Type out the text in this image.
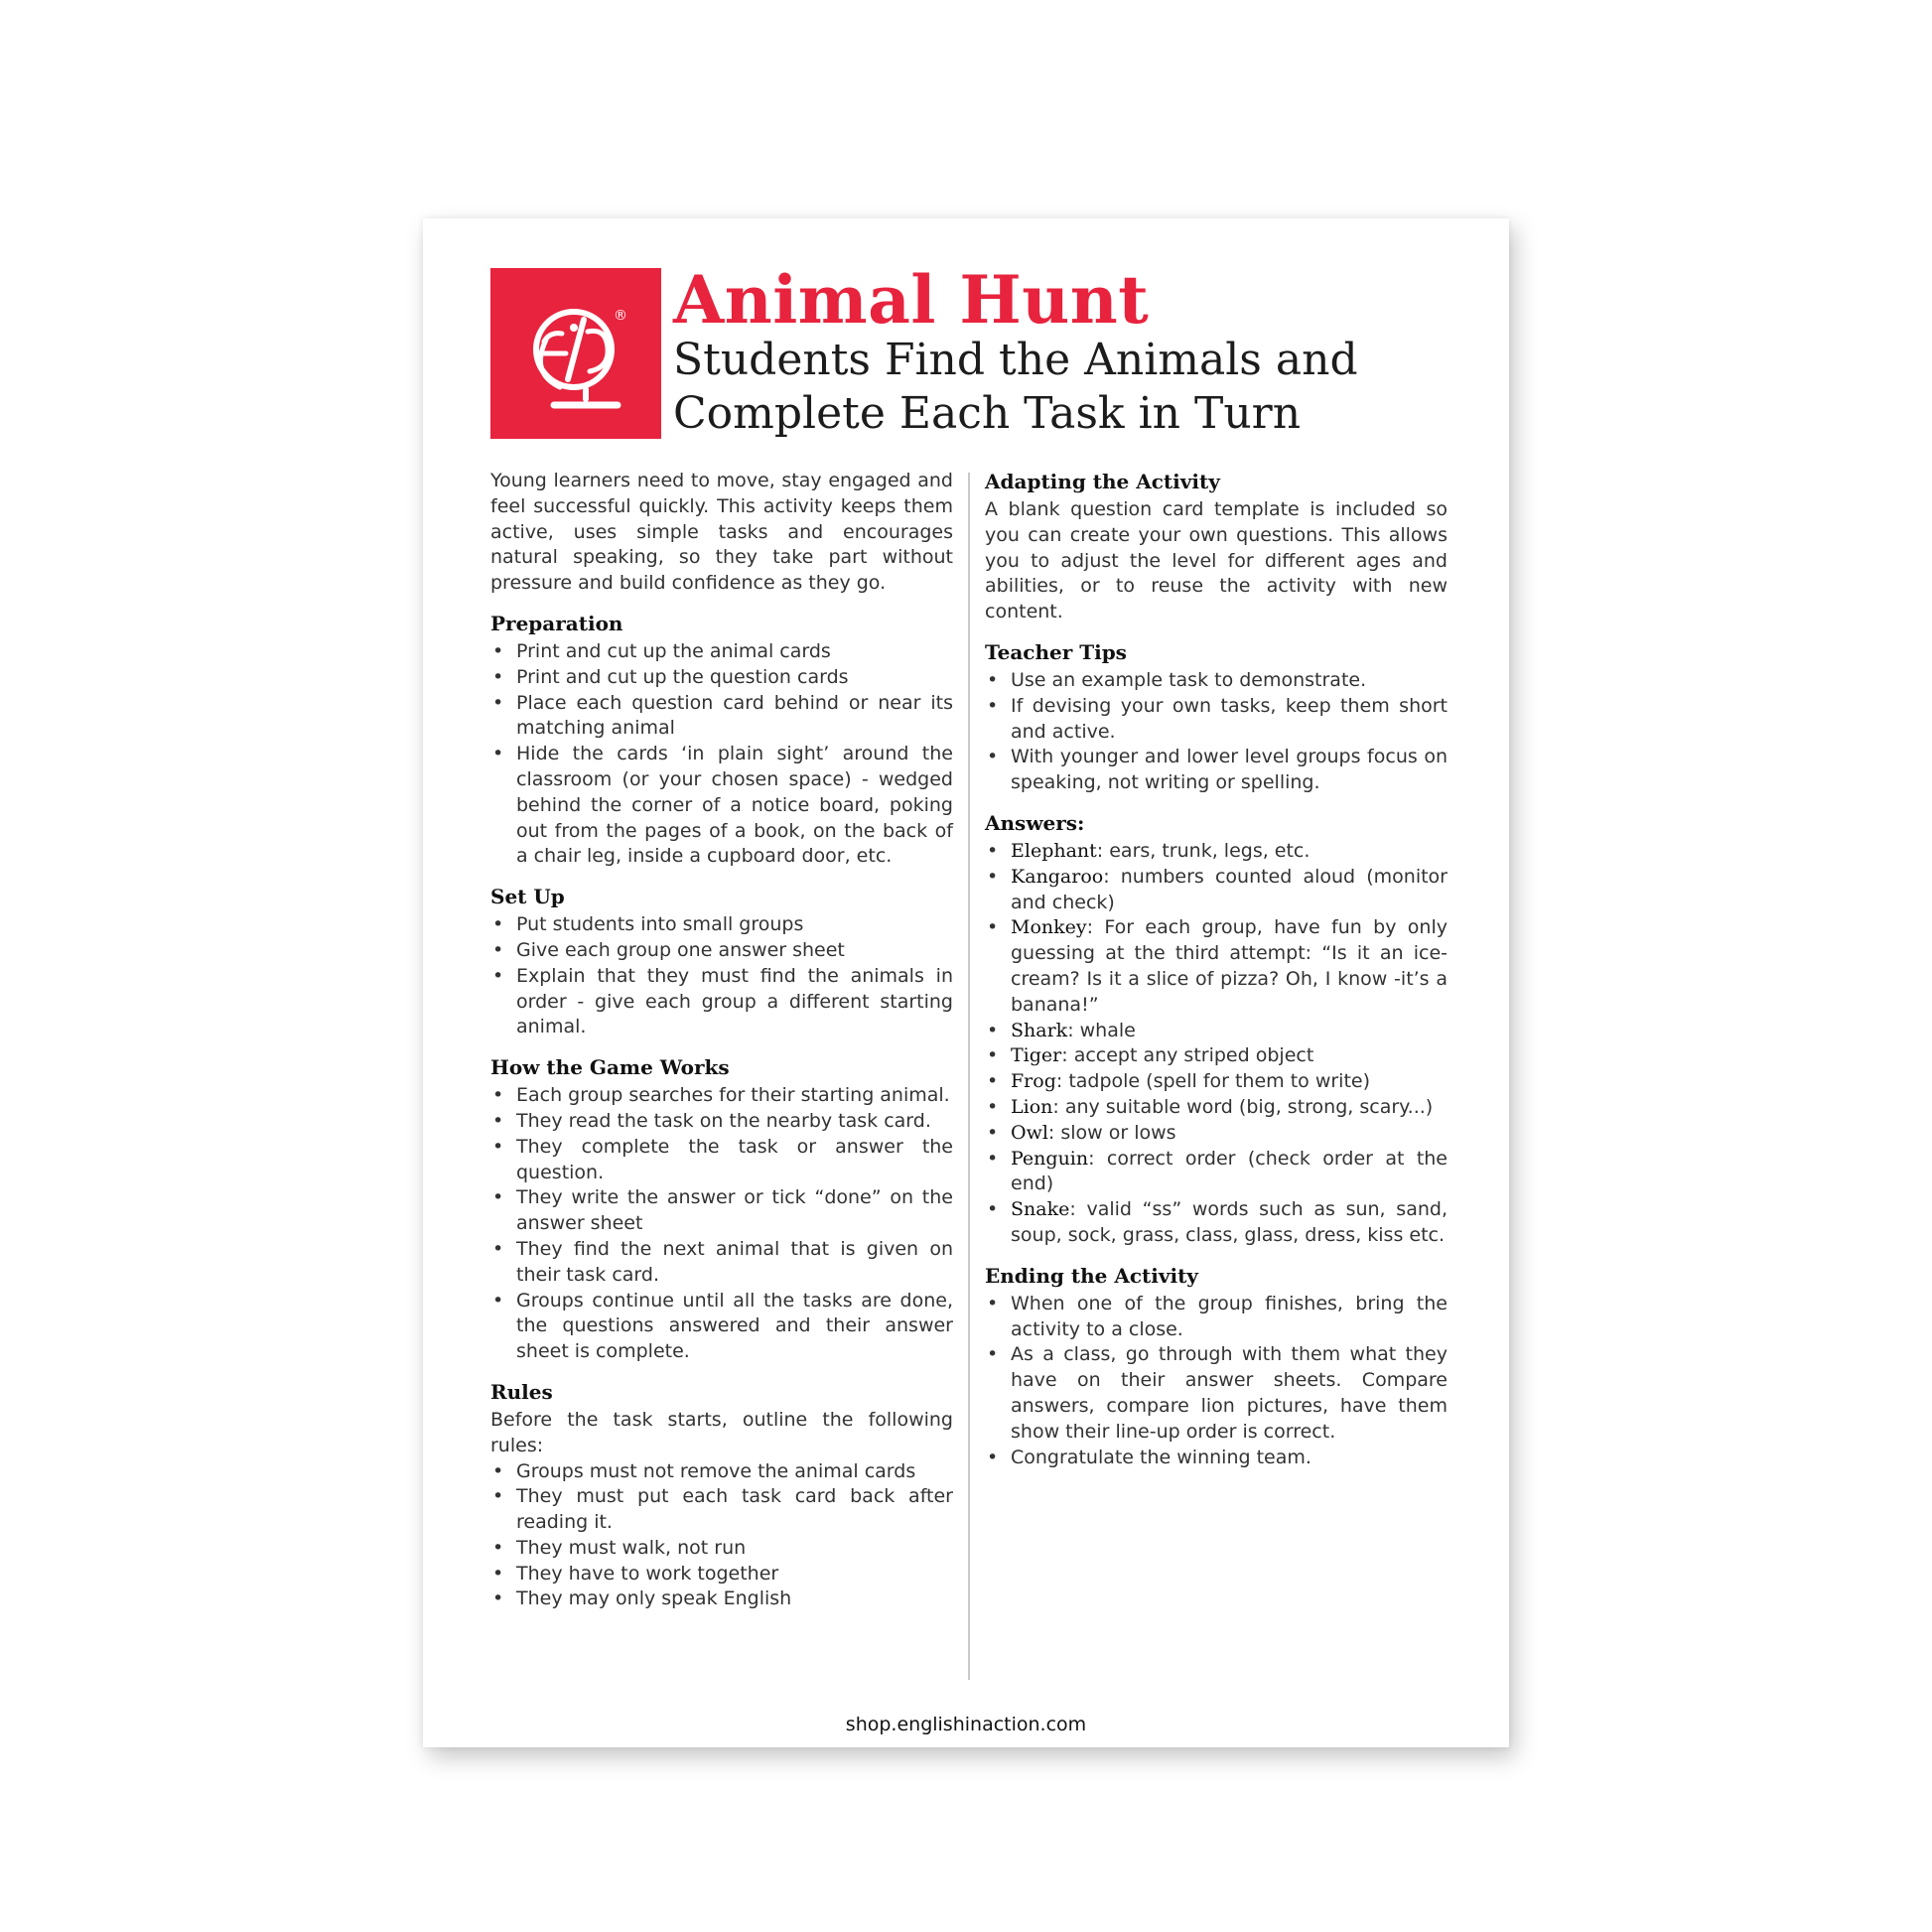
® Animal Hunt
Students Find the Animals and
Complete Each Task in Turn

Young learners need to move, stay engaged and feel successful quickly. This activity keeps them active, uses simple tasks and encourages natural speaking, so they take part without pressure and build confidence as they go.

Preparation
• Print and cut up the animal cards
• Print and cut up the question cards
• Place each question card behind or near its matching animal
• Hide the cards ‘in plain sight’ around the classroom (or your chosen space) - wedged behind the corner of a notice board, poking out from the pages of a book, on the back of a chair leg, inside a cupboard door, etc.
Set Up
• Put students into small groups
• Give each group one answer sheet
• Explain that they must find the animals in order - give each group a different starting animal.
How the Game Works
• Each group searches for their starting animal.
• They read the task on the nearby task card.
• They complete the task or answer the question.
• They write the answer or tick “done” on the answer sheet
• They find the next animal that is given on their task card.
• Groups continue until all the tasks are done, the questions answered and their answer sheet is complete.
Rules

Before the task starts, outline the following rules:

• Groups must not remove the animal cards
• They must put each task card back after reading it.
• They must walk, not run
• They have to work together
• They may only speak English
Adapting the Activity

A blank question card template is included so you can create your own questions. This allows you to adjust the level for different ages and abilities, or to reuse the activity with new content.

Teacher Tips
• Use an example task to demonstrate.
• If devising your own tasks, keep them short and active.
• With younger and lower level groups focus on speaking, not writing or spelling.
Answers:
• Elephant: ears, trunk, legs, etc.
• Kangaroo: numbers counted aloud (monitor and check)
• Monkey: For each group, have fun by only guessing at the third attempt: “Is it an ice-cream? Is it a slice of pizza? Oh, I know -it’s a banana!”
• Shark: whale
• Tiger: accept any striped object
• Frog: tadpole (spell for them to write)
• Lion: any suitable word (big, strong, scary...)
• Owl: slow or lows
• Penguin: correct order (check order at the end)
• Snake: valid “ss” words such as sun, sand, soup, sock, grass, class, glass, dress, kiss etc.
Ending the Activity
• When one of the group finishes, bring the activity to a close.
• As a class, go through with them what they have on their answer sheets. Compare answers, compare lion pictures, have them show their line-up order is correct.
• Congratulate the winning team.
shop.englishinaction.com
